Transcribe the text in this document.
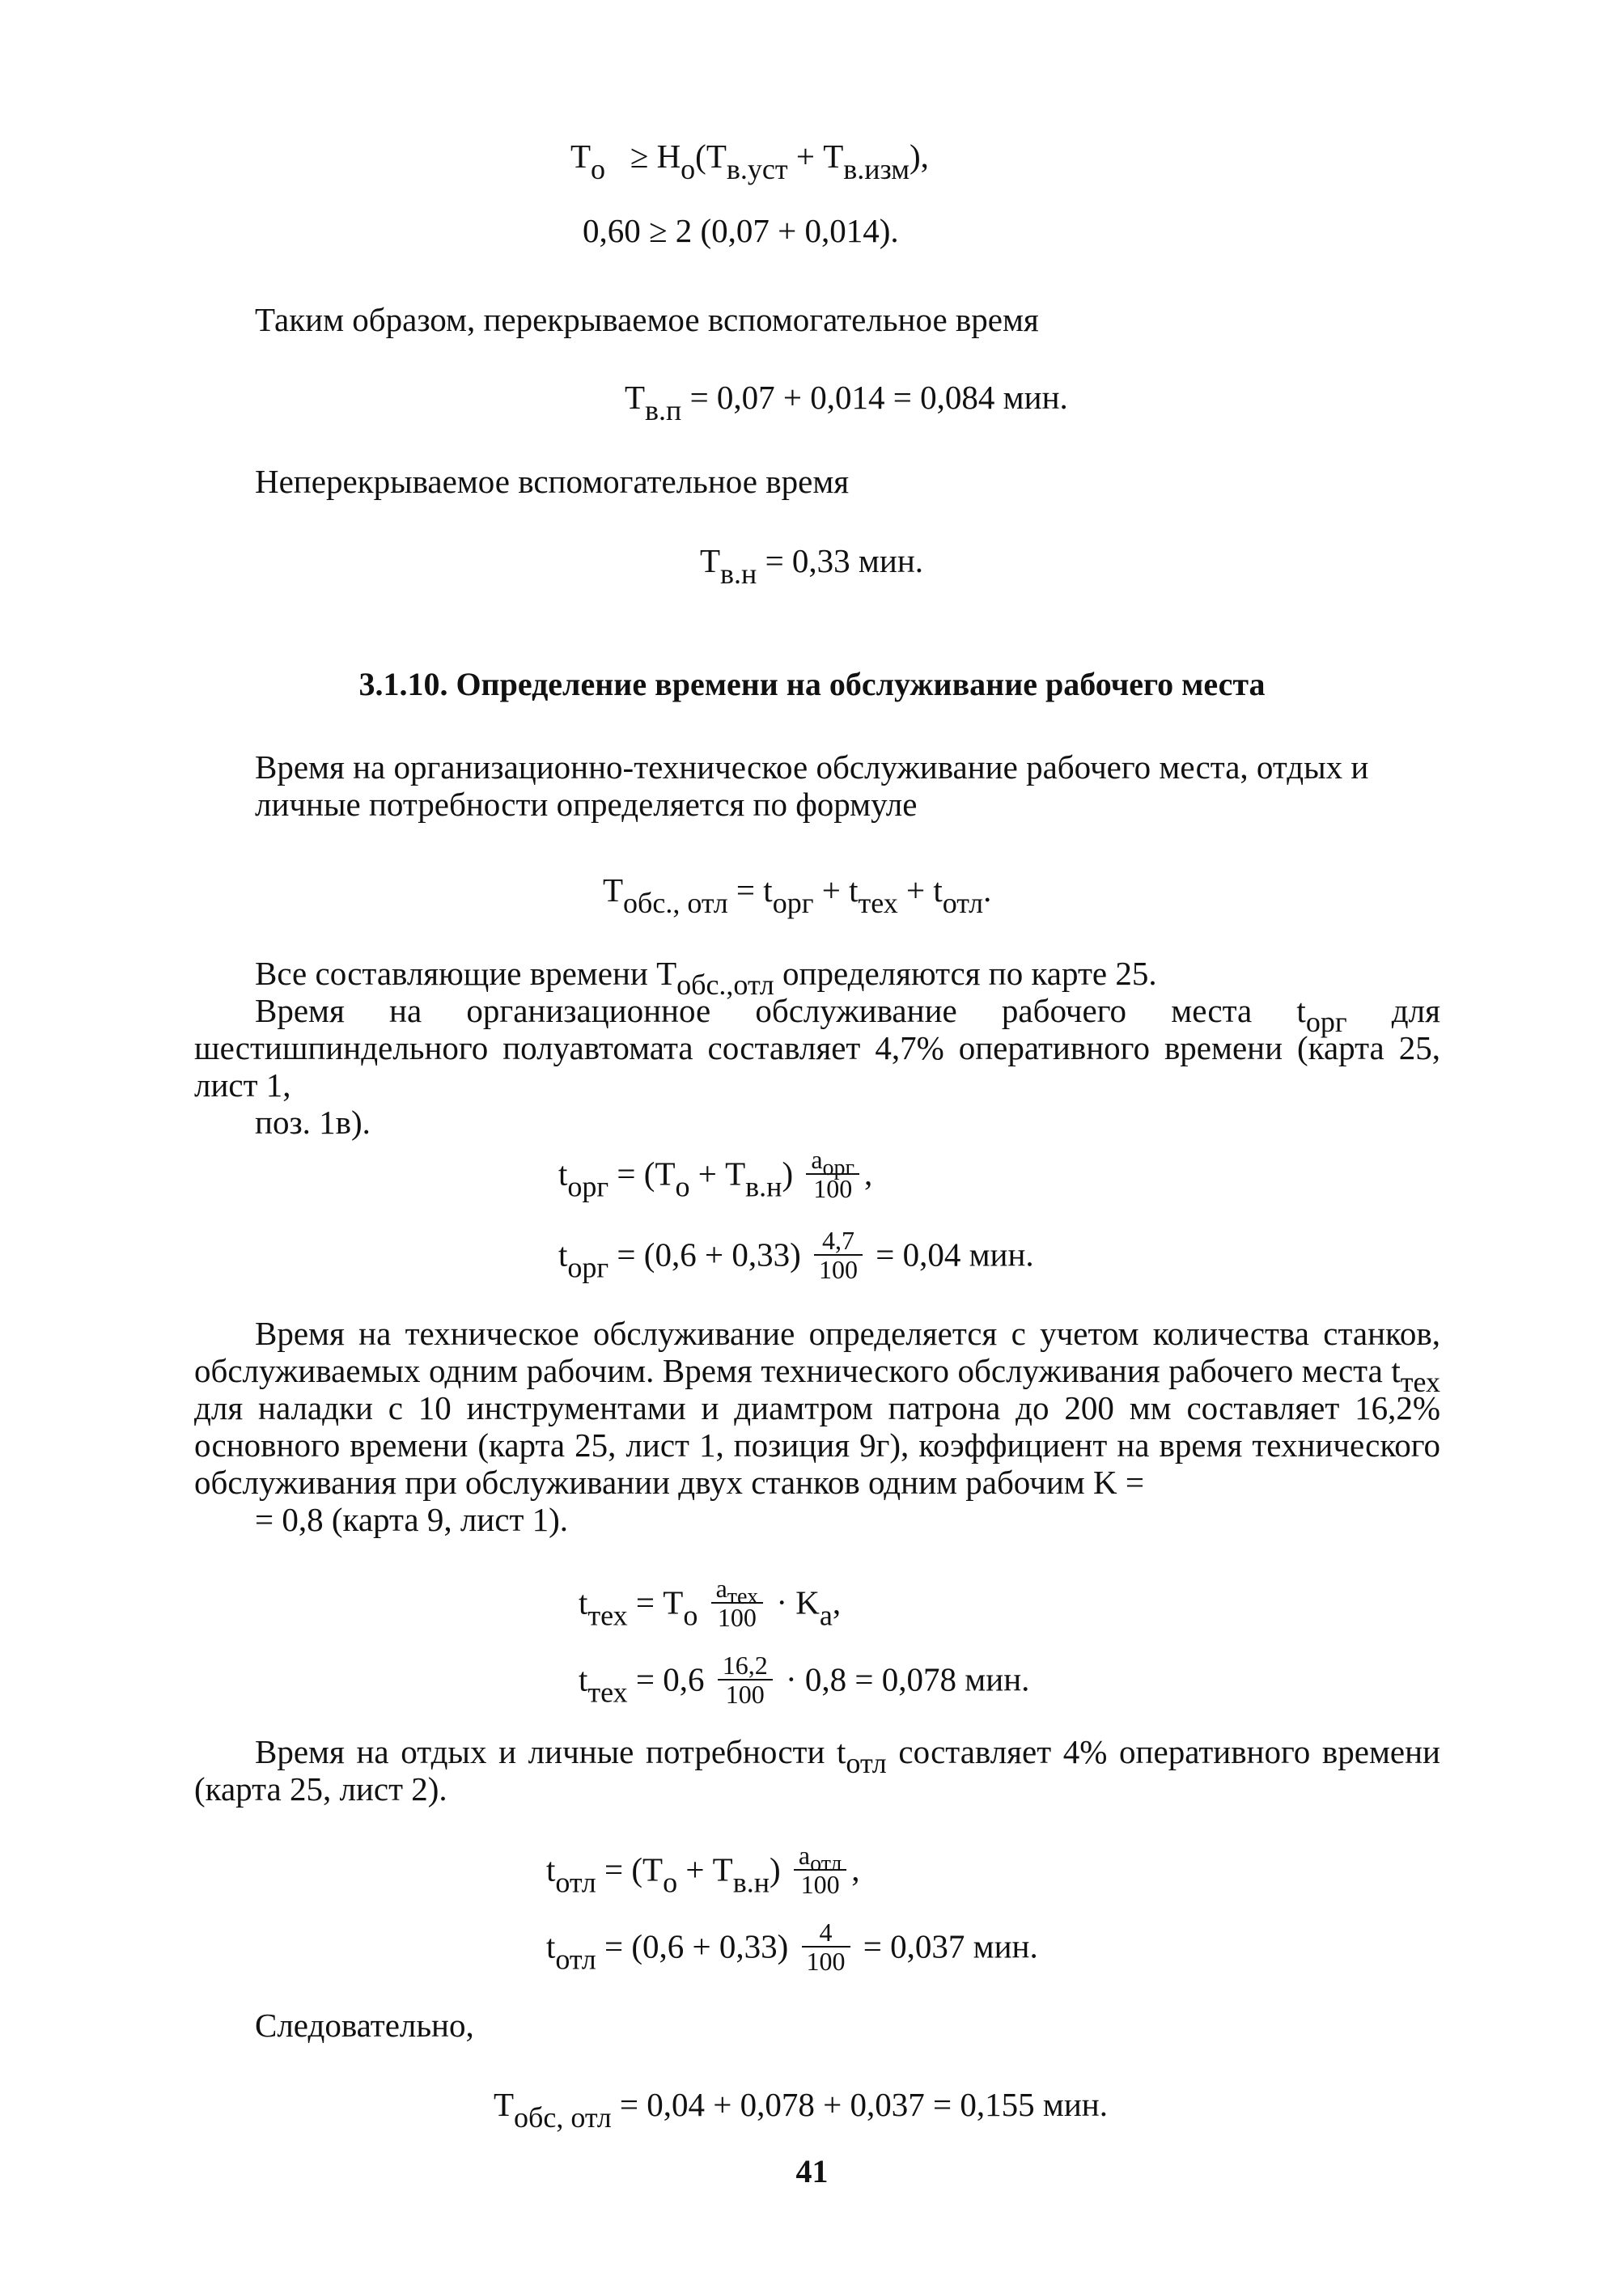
$T_о \ge H_о(T_{в.уст} + T_{в.изм})$,
0,60 ≥ 2 (0,07 + 0,014).
Таким образом, перекрываемое вспомогательное время
$T_{в.п} = 0,07 + 0,014 = 0,084$ мин.
Неперекрываемое вспомогательное время
$T_{в.н} = 0,33$ мин.
3.1.10. Определение времени на обслуживание рабочего места
Время на организационно-техническое обслуживание рабочего места, отдых и
личные потребности определяется по формуле
$T_{обс., отл} = t_{орг} + t_{тех} + t_{отл}$.
Все составляющие времени $T_{обс.,отл}$ определяются по карте 25.
Время на организационное обслуживание рабочего места $t_{орг}$ для шестишпиндельного полуавтомата составляет 4,7% оперативного времени (карта 25, лист 1,
поз. 1в).
$t_{орг} = (T_о + T_{в.н}) \frac{a_{орг}}{100}$ ,
$t_{орг} = (0,6 + 0,33) \frac{4,7}{100} = 0,04$ мин.
Время на техническое обслуживание определяется с учетом количества станков, обслуживаемых одним рабочим. Время технического обслуживания рабочего места $t_{тех}$ для наладки с 10 инструментами и диамтром патрона до 200 мм составляет 16,2% основного времени (карта 25, лист 1, позиция 9г), коэффициент на время технического обслуживания при обслуживании двух станков одним рабочим K =
= 0,8 (карта 9, лист 1).
$t_{тех} = T_о \frac{a_{тех}}{100} \cdot K_а$,
$t_{тех} = 0,6 \frac{16,2}{100} \cdot 0,8 = 0,078$ мин.
Время на отдых и личные потребности $t_{отл}$ составляет 4% оперативного времени (карта 25, лист 2).
$t_{отл} = (T_о + T_{в.н}) \frac{a_{отл}}{100}$ ,
$t_{отл} = (0,6 + 0,33) \frac{4}{100} = 0,037$ мин.
Следовательно,
$T_{обс, отл} = 0,04 + 0,078 + 0,037 = 0,155$ мин.
41
